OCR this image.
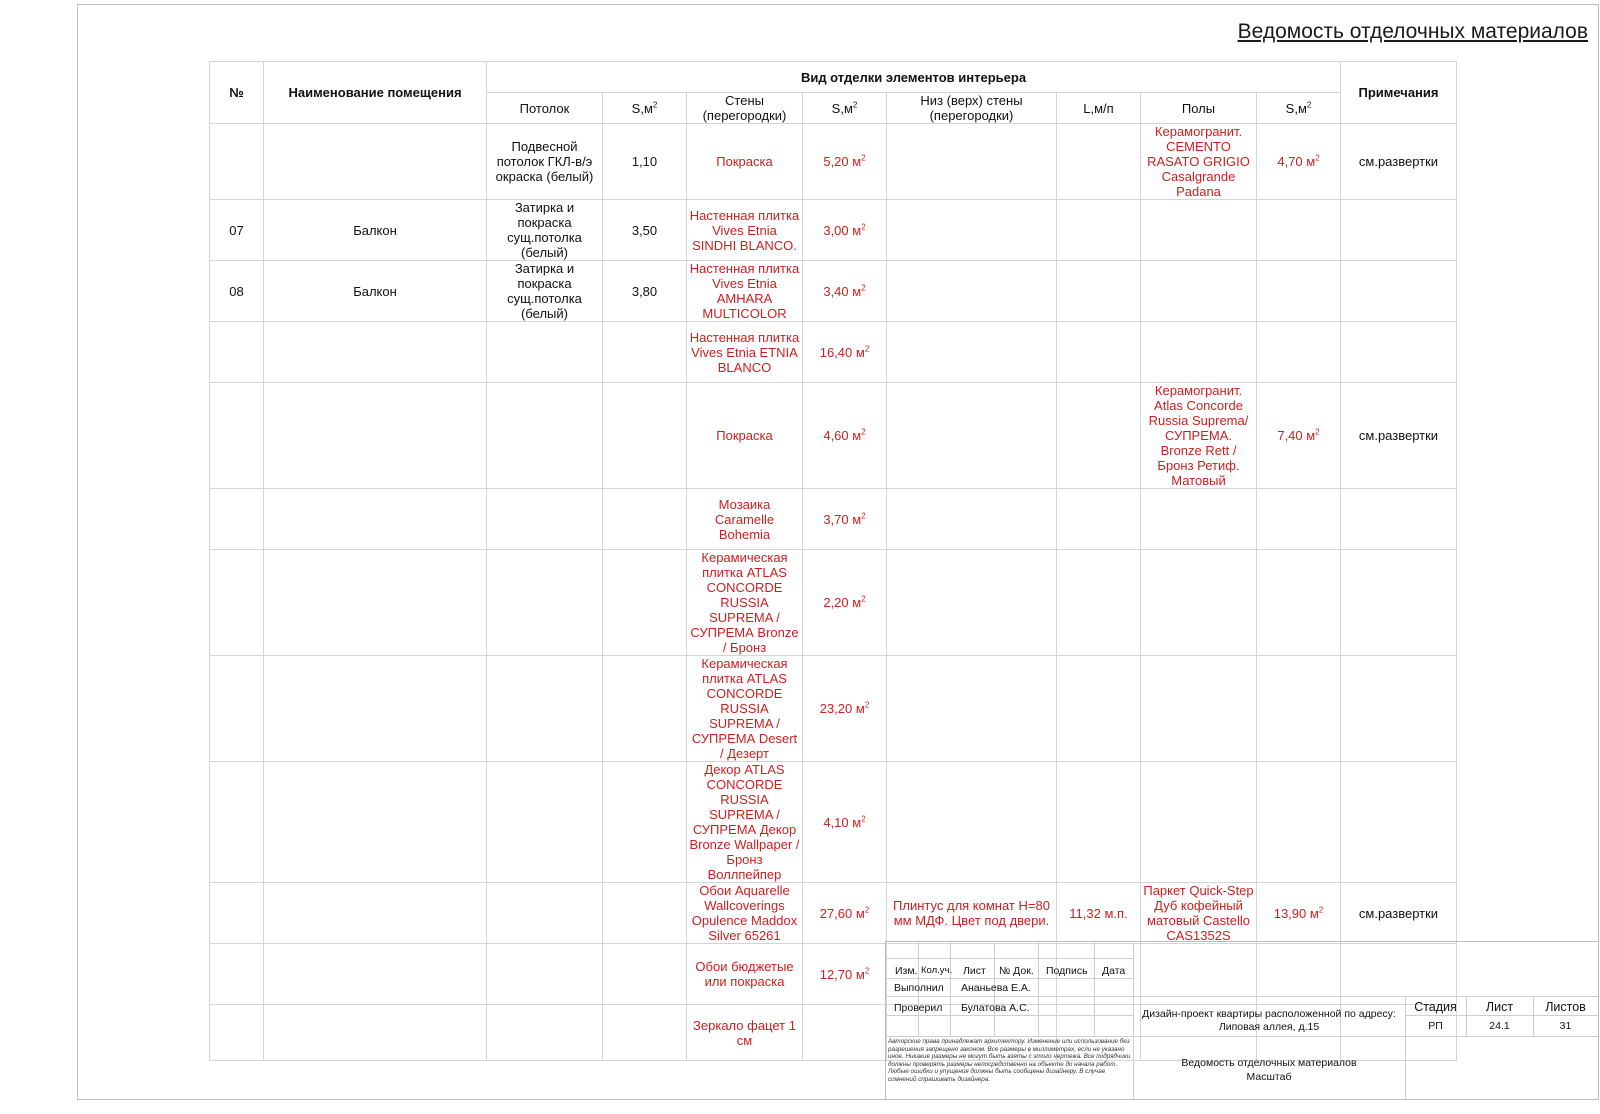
Ведомость отделочных материалов
№	Наименование помещения	Вид отделки элементов интерьера								Примечания
		Потолок	$S,м^2$	Стены (перегородки)	$S,м^2$	Низ (верх) стены (перегородки)	L,м/п	Полы	$S,м^2$
		Подвесной потолок ГКЛ-в/э окраска (белый)	1,10	Покраска	5,20 $м^2$			Керамогранит. CEMENTO RASATO GRIGIO Casalgrande Padana	4,70 $м^2$	см.развертки
07	Балкон	Затирка и покраска сущ.потолка (белый)	3,50	Настенная плитка Vives Etnia SINDHI BLANCO.	3,00 $м^2$					
08	Балкон	Затирка и покраска сущ.потолка (белый)	3,80	Настенная плитка Vives Etnia AMHARA MULTICOLOR	3,40 $м^2$					
				Настенная плитка Vives Etnia ETNIA BLANCO	16,40 $м^2$					
				Покраска	4,60 $м^2$			Керамогранит. Atlas Concorde Russia Suprema/СУПРЕМА. Bronze Rett / Бронз Ретиф. Матовый	7,40 $м^2$	см.развертки
				Мозаика Caramelle Bohemia	3,70 $м^2$					
				Керамическая плитка ATLAS CONCORDE RUSSIA SUPREMA / СУПРЕМА Bronze / Бронз	2,20 $м^2$					
				Керамическая плитка ATLAS CONCORDE RUSSIA SUPREMA / СУПРЕМА Desert / Дезерт	23,20 $м^2$					
				Декор ATLAS CONCORDE RUSSIA SUPREMA / СУПРЕМА Декор Bronze Wallpaper / Бронз Воллпейпер	4,10 $м^2$					
				Обои Aquarelle Wallcoverings Opulence Maddox Silver 65261	27,60 $м^2$	Плинтус для комнат Н=80 мм МДФ. Цвет под двери.	11,32 м.п.	Паркет Quick-Step Дуб кофейный матовый Castello CAS1352S	13,90 $м^2$	см.развертки
				Обои бюджетые или покраска	12,70 $м^2$					
				Зеркало фацет 1 см						
Изм. Кол.уч. Лист № Док. Подпись Дата
Выполнил Ананьева Е.А.
Проверил Булатова А.С.
Авторские права принадлежат архитектору. Изменение или использование без разрешения запрещено законом. Все размеры в миллиметрах, если не указано иное. Никакие размеры не могут быть взяты с этого чертежа. Все подрядчики должны проверять размеры непосредственно на объекте до начала работ. Любые ошибки и упущения должны быть сообщены дизайнеру. В случае сомнений спрашивать дизайнера.
Дизайн-проект квартиры расположенной по адресу: Липовая аллея, д.15
Стадия	Лист	Листов
РП	24.1	31
Ведомость отделочных материалов
Масштаб
